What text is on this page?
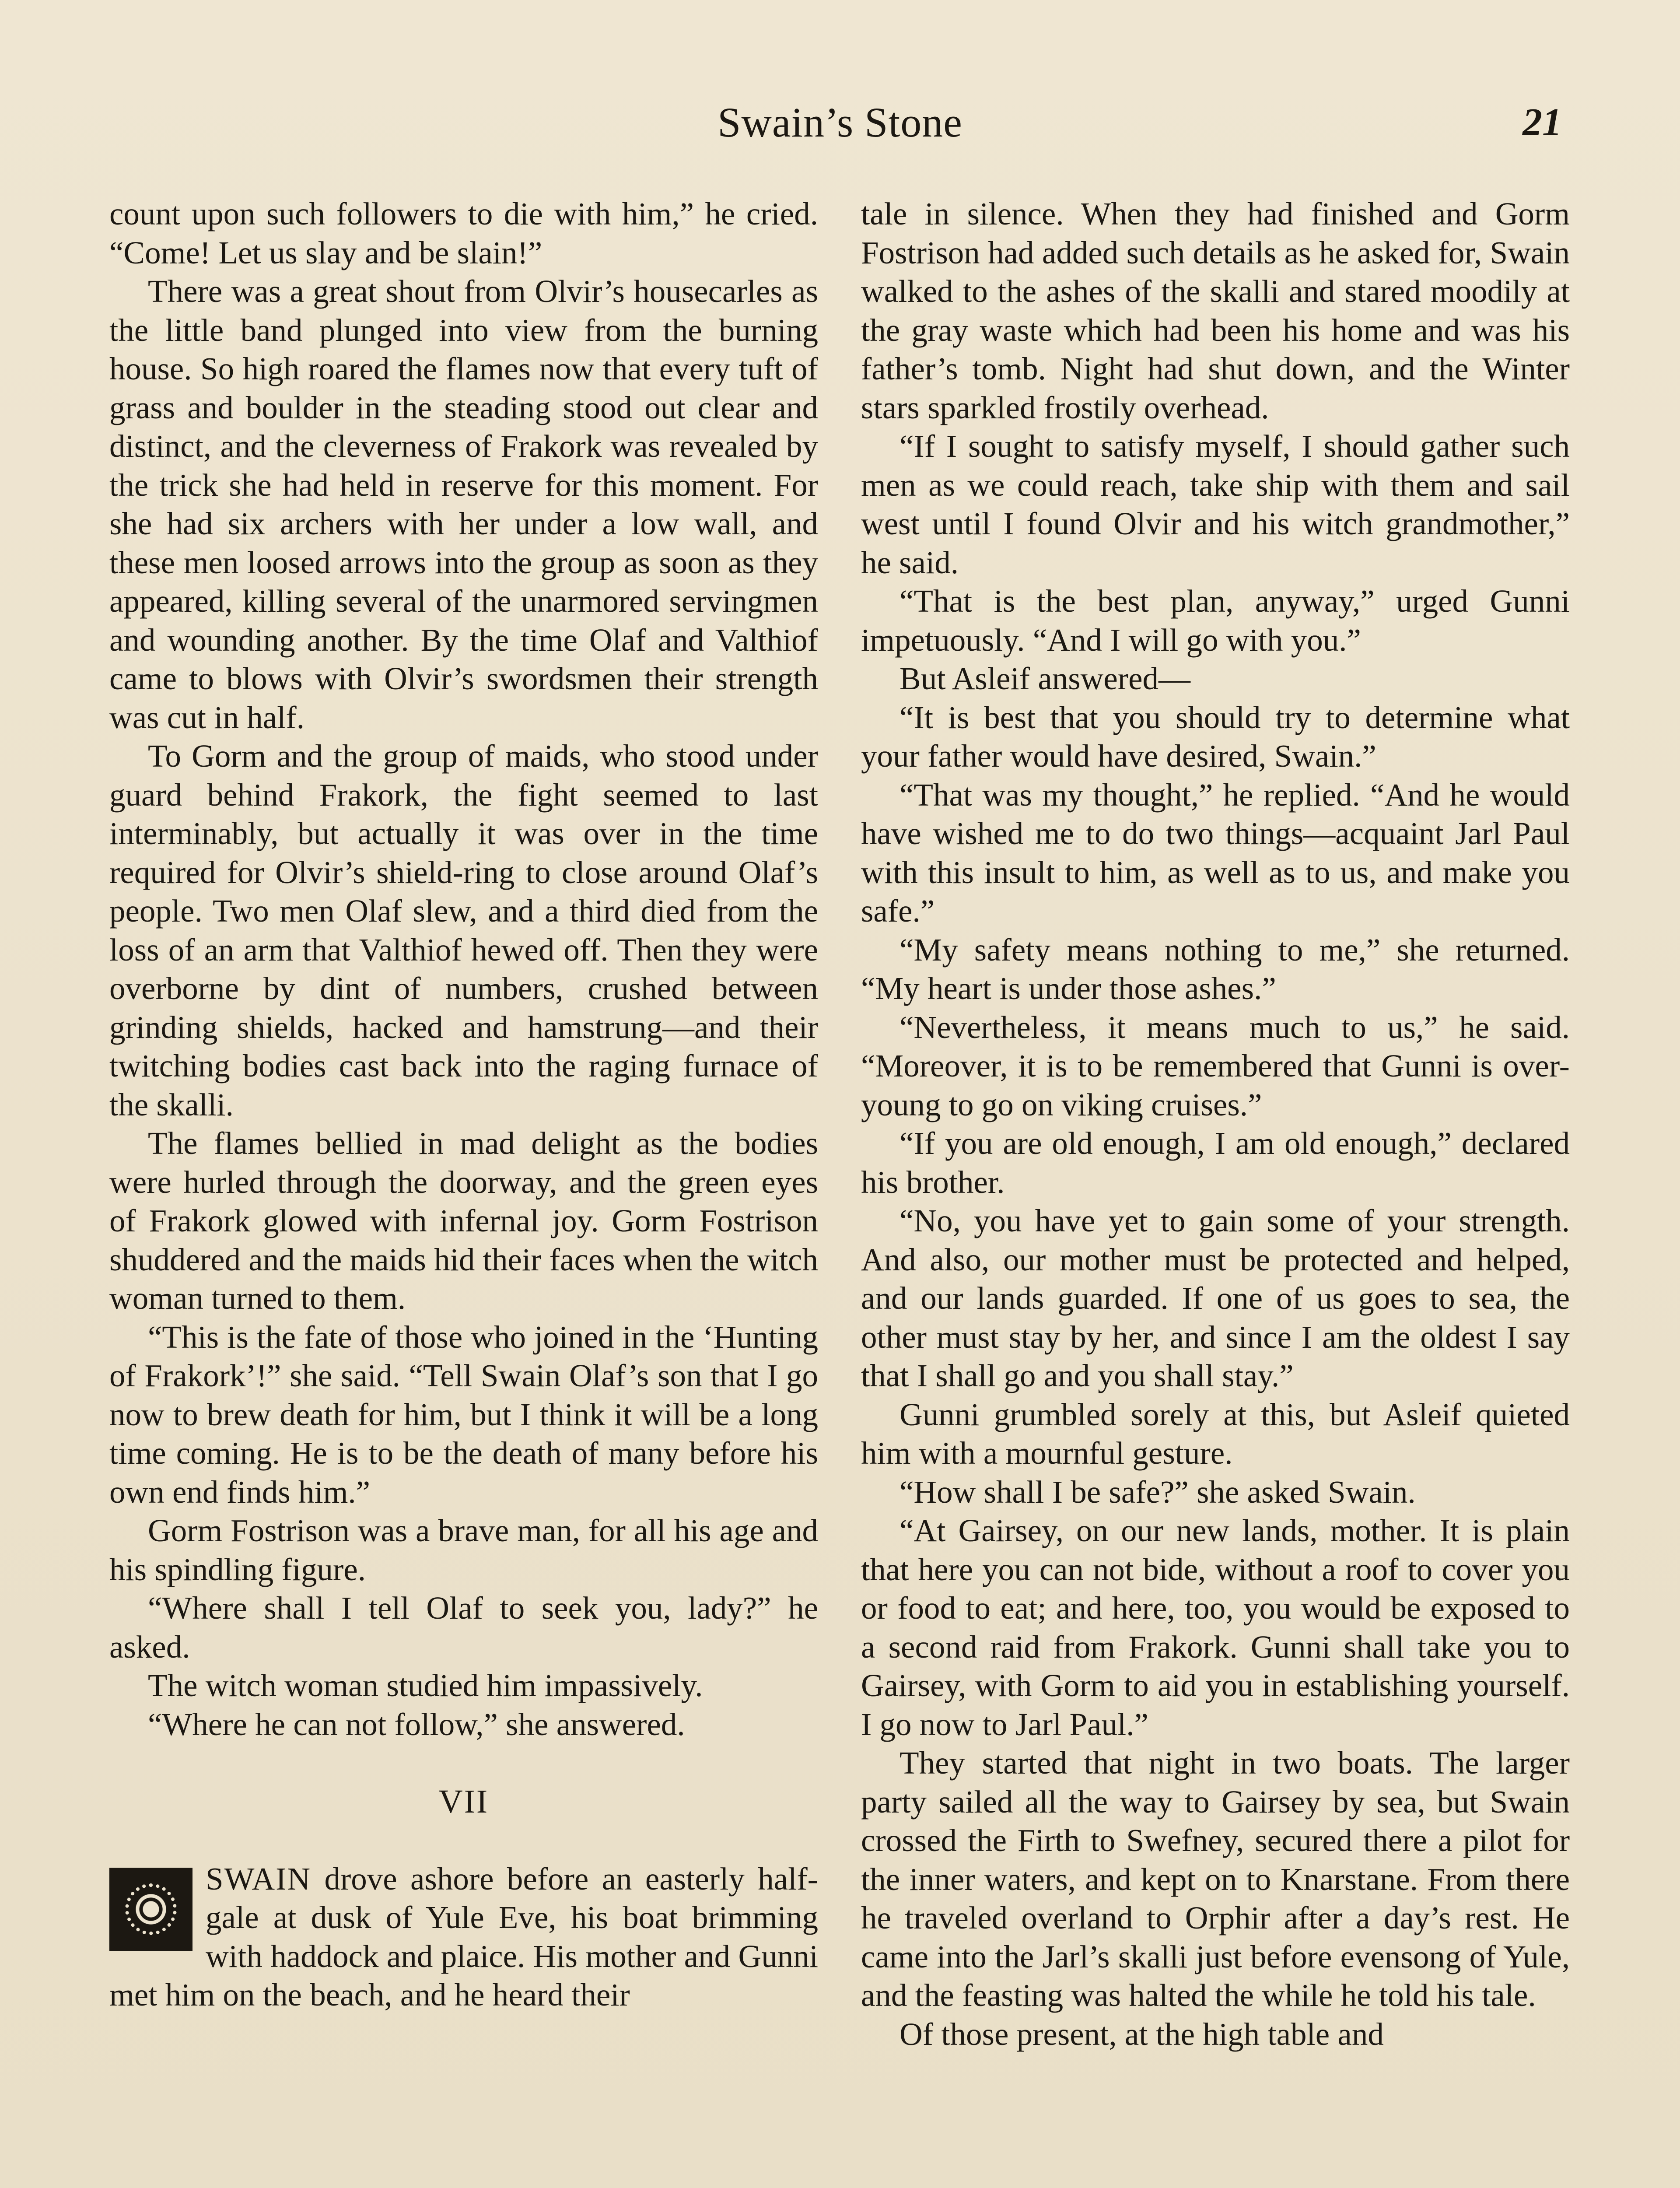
Swain’s Stone	21

count upon such followers to die with him,” he cried. “Come! Let us slay and be slain!”

There was a great shout from Olvir’s housecarles as the little band plunged into view from the burning house. So high roared the flames now that every tuft of grass and boulder in the steading stood out clear and distinct, and the cleverness of Frakork was revealed by the trick she had held in reserve for this moment. For she had six archers with her under a low wall, and these men loosed arrows into the group as soon as they appeared, killing several of the unarmored servingmen and wounding another. By the time Olaf and Valthiof came to blows with Olvir’s swordsmen their strength was cut in half.

To Gorm and the group of maids, who stood under guard behind Frakork, the fight seemed to last interminably, but actually it was over in the time required for Olvir’s shield-ring to close around Olaf’s people. Two men Olaf slew, and a third died from the loss of an arm that Valthiof hewed off. Then they were overborne by dint of numbers, crushed between grinding shields, hacked and hamstrung—and their twitching bodies cast back into the raging furnace of the skalli.

The flames bellied in mad delight as the bodies were hurled through the doorway, and the green eyes of Frakork glowed with infernal joy. Gorm Fostrison shuddered and the maids hid their faces when the witch woman turned to them.

“This is the fate of those who joined in the ‘Hunting of Frakork’!” she said. “Tell Swain Olaf’s son that I go now to brew death for him, but I think it will be a long time coming. He is to be the death of many before his own end finds him.”

Gorm Fostrison was a brave man, for all his age and his spindling figure.

“Where shall I tell Olaf to seek you, lady?” he asked.

The witch woman studied him impassively.

“Where he can not follow,” she answered.

VII

SWAIN drove ashore before an easterly half-gale at dusk of Yule Eve, his boat brimming with haddock and plaice. His mother and Gunni met him on the beach, and he heard their

tale in silence. When they had finished and Gorm Fostrison had added such details as he asked for, Swain walked to the ashes of the skalli and stared moodily at the gray waste which had been his home and was his father’s tomb. Night had shut down, and the Winter stars sparkled frostily overhead.

“If I sought to satisfy myself, I should gather such men as we could reach, take ship with them and sail west until I found Olvir and his witch grandmother,” he said.

“That is the best plan, anyway,” urged Gunni impetuously. “And I will go with you.”

But Asleif answered—

“It is best that you should try to determine what your father would have desired, Swain.”

“That was my thought,” he replied. “And he would have wished me to do two things—acquaint Jarl Paul with this insult to him, as well as to us, and make you safe.”

“My safety means nothing to me,” she returned. “My heart is under those ashes.”

“Nevertheless, it means much to us,” he said. “Moreover, it is to be remembered that Gunni is over-young to go on viking cruises.”

“If you are old enough, I am old enough,” declared his brother.

“No, you have yet to gain some of your strength. And also, our mother must be protected and helped, and our lands guarded. If one of us goes to sea, the other must stay by her, and since I am the oldest I say that I shall go and you shall stay.”

Gunni grumbled sorely at this, but Asleif quieted him with a mournful gesture.

“How shall I be safe?” she asked Swain.

“At Gairsey, on our new lands, mother. It is plain that here you can not bide, without a roof to cover you or food to eat; and here, too, you would be exposed to a second raid from Frakork. Gunni shall take you to Gairsey, with Gorm to aid you in establishing yourself. I go now to Jarl Paul.”

They started that night in two boats. The larger party sailed all the way to Gairsey by sea, but Swain crossed the Firth to Swefney, secured there a pilot for the inner waters, and kept on to Knarstane. From there he traveled overland to Orphir after a day’s rest. He came into the Jarl’s skalli just before evensong of Yule, and the feasting was halted the while he told his tale.

Of those present, at the high table and
